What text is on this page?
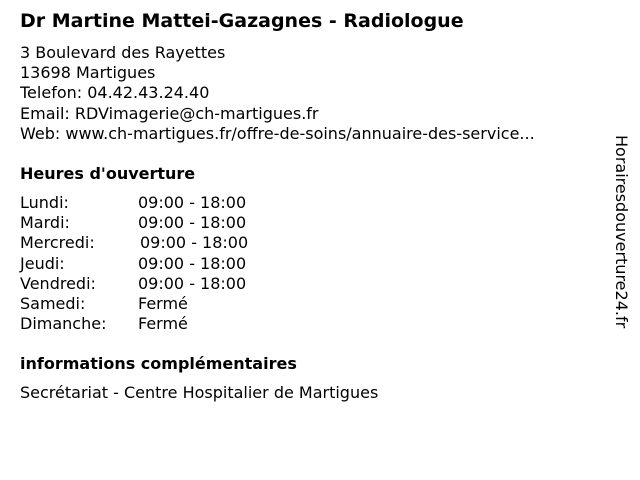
Dr Martine Mattei-Gazagnes - Radiologue
3 Boulevard des Rayettes
13698 Martigues
Telefon: 04.42.43.24.40
Email: RDVimagerie@ch-martigues.fr
Web: www.ch-martigues.fr/offre-de-soins/annuaire-des-service...
Heures d'ouverture
Lundi:	09:00 - 18:00
Mardi:	09:00 - 18:00
Mercredi:	09:00 - 18:00
Jeudi:	09:00 - 18:00
Vendredi:	09:00 - 18:00
Samedi:	Fermé
Dimanche: Fermé
informations complémentaires
Secrétariat - Centre Hospitalier de Martigues
Horairesdouverture24.fr
